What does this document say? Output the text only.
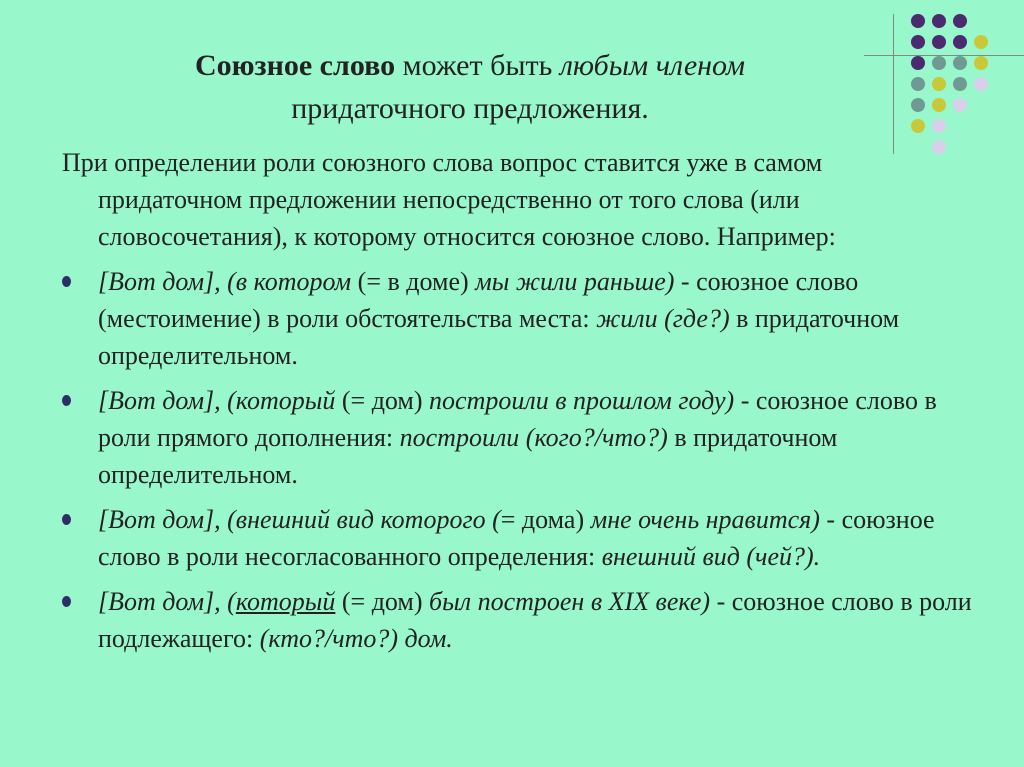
Союзное слово может быть любым членом
придаточного предложения.

При определении роли союзного слова вопрос ставится уже в самом придаточном предложении непосредственно от того слова (или словосочетания), к которому относится союзное слово. Например:

[Вот дом], (в котором (= в доме) мы жили раньше) - союзное слово (местоимение) в роли обстоятельства места: жили (где?) в придаточном определительном.
[Вот дом], (который (= дом) построили в прошлом году) - союзное слово в роли прямого дополнения: построили (кого?/что?) в придаточном определительном.
[Вот дом], (внешний вид которого (= дома) мне очень нравится) - союзное слово в роли несогласованного определения: внешний вид (чей?).
[Вот дом], (который (= дом) был построен в XIX веке) - союзное слово в роли подлежащего: (кто?/что?) дом.
